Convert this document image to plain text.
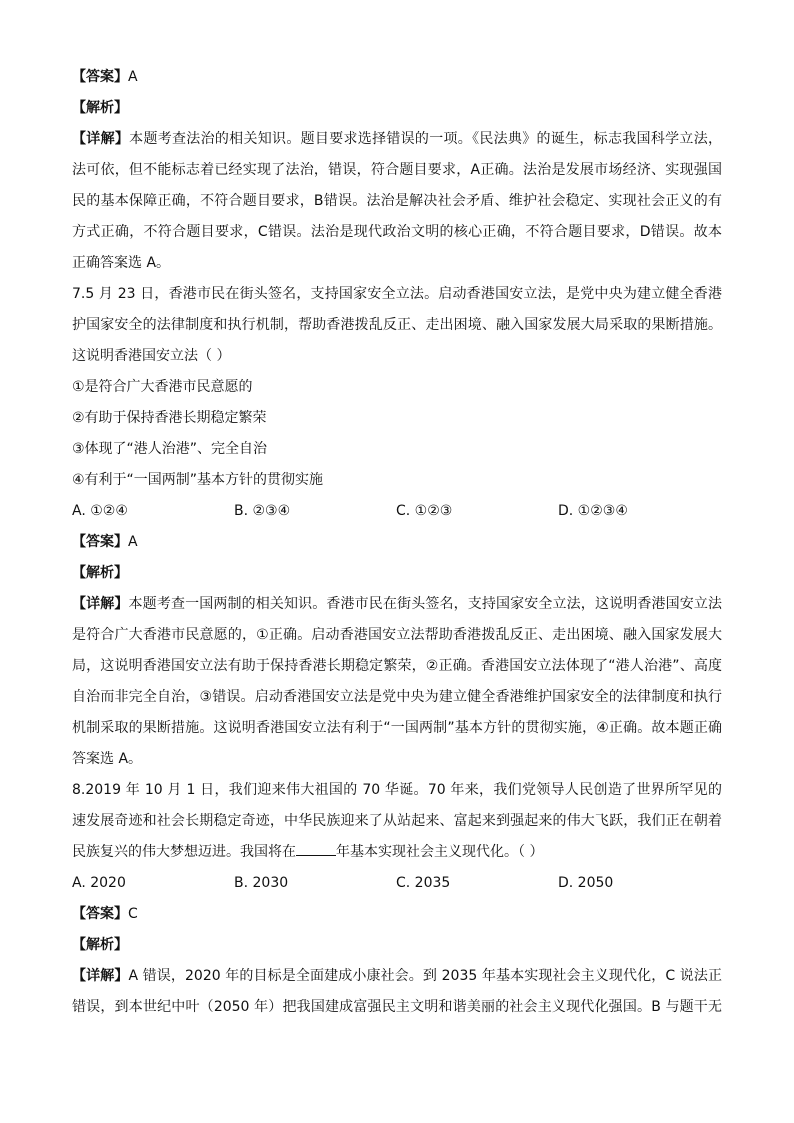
【答案】A
【解析】
【详解】本题考查法治的相关知识。题目要求选择错误的一项。《民法典》的诞生，标志我国科学立法，
法可依，但不能标志着已经实现了法治，错误，符合题目要求，A正确。法治是发展市场经济、实现强国
民的基本保障正确，不符合题目要求，B错误。法治是解决社会矛盾、维护社会稳定、实现社会正义的有
方式正确，不符合题目要求，C错误。法治是现代政治文明的核心正确，不符合题目要求，D错误。故本
正确答案选 A。
7.5 月 23 日，香港市民在街头签名，支持国家安全立法。启动香港国安立法，是党中央为建立健全香港
护国家安全的法律制度和执行机制，帮助香港拨乱反正、走出困境、融入国家发展大局采取的果断措施。
这说明香港国安立法（ ）
①是符合广大香港市民意愿的
②有助于保持香港长期稳定繁荣
③体现了“港人治港”、完全自治
④有利于“一国两制”基本方针的贯彻实施
A. ①②④	B. ②③④	C. ①②③	D. ①②③④
【答案】A
【解析】
【详解】本题考查一国两制的相关知识。香港市民在街头签名，支持国家安全立法，这说明香港国安立法
是符合广大香港市民意愿的，①正确。启动香港国安立法帮助香港拨乱反正、走出困境、融入国家发展大
局，这说明香港国安立法有助于保持香港长期稳定繁荣，②正确。香港国安立法体现了“港人治港”、高度
自治而非完全自治，③错误。启动香港国安立法是党中央为建立健全香港维护国家安全的法律制度和执行
机制采取的果断措施。这说明香港国安立法有利于“一国两制”基本方针的贯彻实施，④正确。故本题正确
答案选 A。
8.2019 年 10 月 1 日，我们迎来伟大祖国的 70 华诞。70 年来，我们党领导人民创造了世界所罕见的
速发展奇迹和社会长期稳定奇迹，中华民族迎来了从站起来、富起来到强起来的伟大飞跃，我们正在朝着
民族复兴的伟大梦想迈进。我国将在	年基本实现社会主义现代化。（ ）
A. 2020	B. 2030	C. 2035	D. 2050
【答案】C
【解析】
【详解】A 错误，2020 年的目标是全面建成小康社会。到 2035 年基本实现社会主义现代化，C 说法正
错误，到本世纪中叶（2050 年）把我国建成富强民主文明和谐美丽的社会主义现代化强国。B 与题干无
